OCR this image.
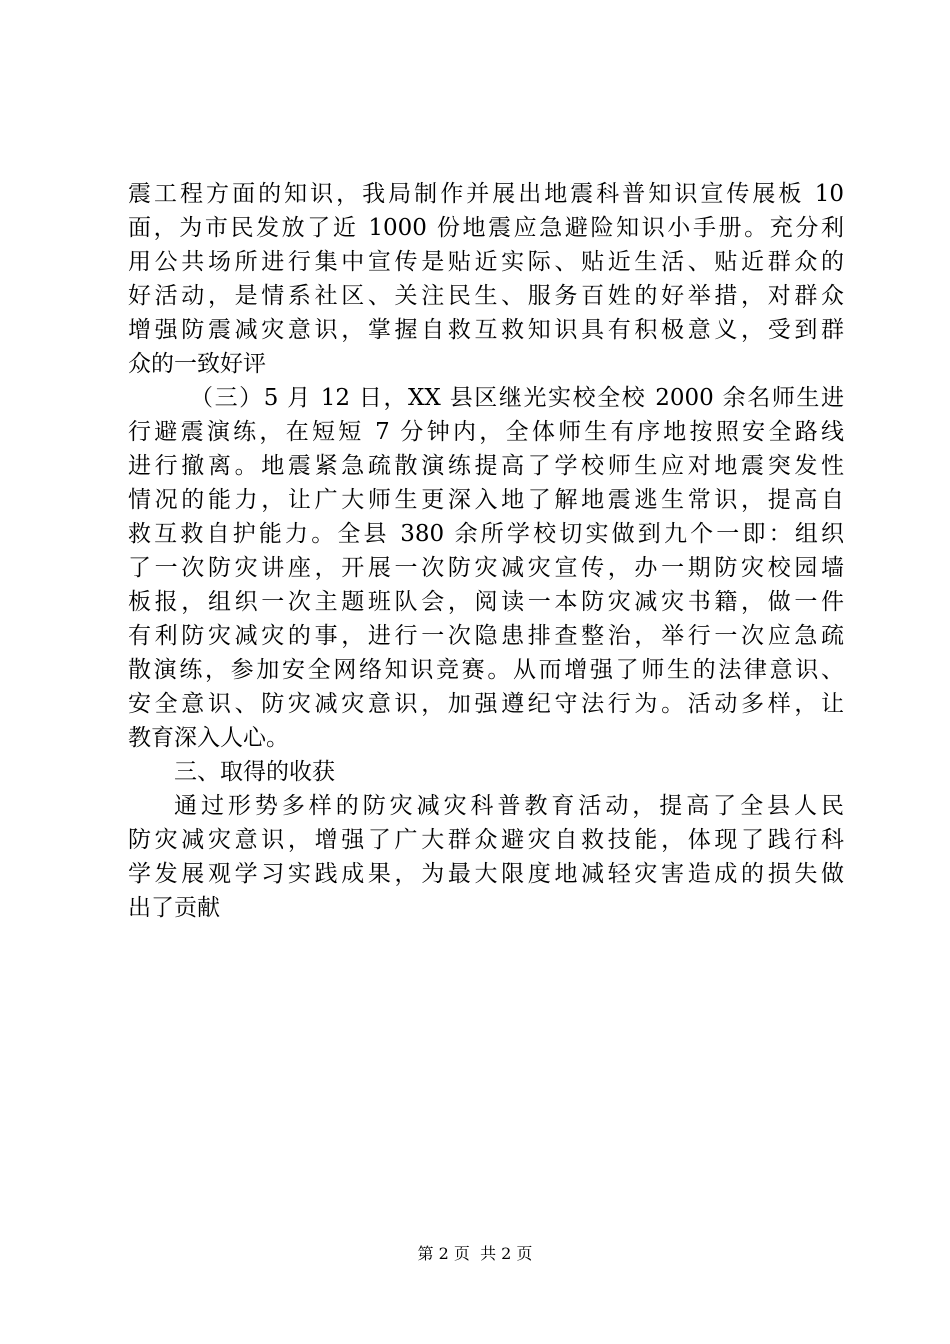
震工程方面的知识，我局制作并展出地震科普知识宣传展板 10
面，为市民发放了近 1000 份地震应急避险知识小手册。充分利
用公共场所进行集中宣传是贴近实际、贴近生活、贴近群众的
好活动，是情系社区、关注民生、服务百姓的好举措，对群众
增强防震减灾意识，掌握自救互救知识具有积极意义，受到群
众的一致好评
（三）5 月 12 日，XX 县区继光实校全校 2000 余名师生进
行避震演练，在短短 7 分钟内，全体师生有序地按照安全路线
进行撤离。地震紧急疏散演练提高了学校师生应对地震突发性
情况的能力，让广大师生更深入地了解地震逃生常识，提高自
救互救自护能力。全县 380 余所学校切实做到九个一即：组织
了一次防灾讲座，开展一次防灾减灾宣传，办一期防灾校园墙
板报，组织一次主题班队会，阅读一本防灾减灾书籍，做一件
有利防灾减灾的事，进行一次隐患排查整治，举行一次应急疏
散演练，参加安全网络知识竞赛。从而增强了师生的法律意识、
安全意识、防灾减灾意识，加强遵纪守法行为。活动多样，让
教育深入人心。
三、取得的收获
通过形势多样的防灾减灾科普教育活动，提高了全县人民
防灾减灾意识，增强了广大群众避灾自救技能，体现了践行科
学发展观学习实践成果，为最大限度地减轻灾害造成的损失做
出了贡献
第 2 页  共 2 页
